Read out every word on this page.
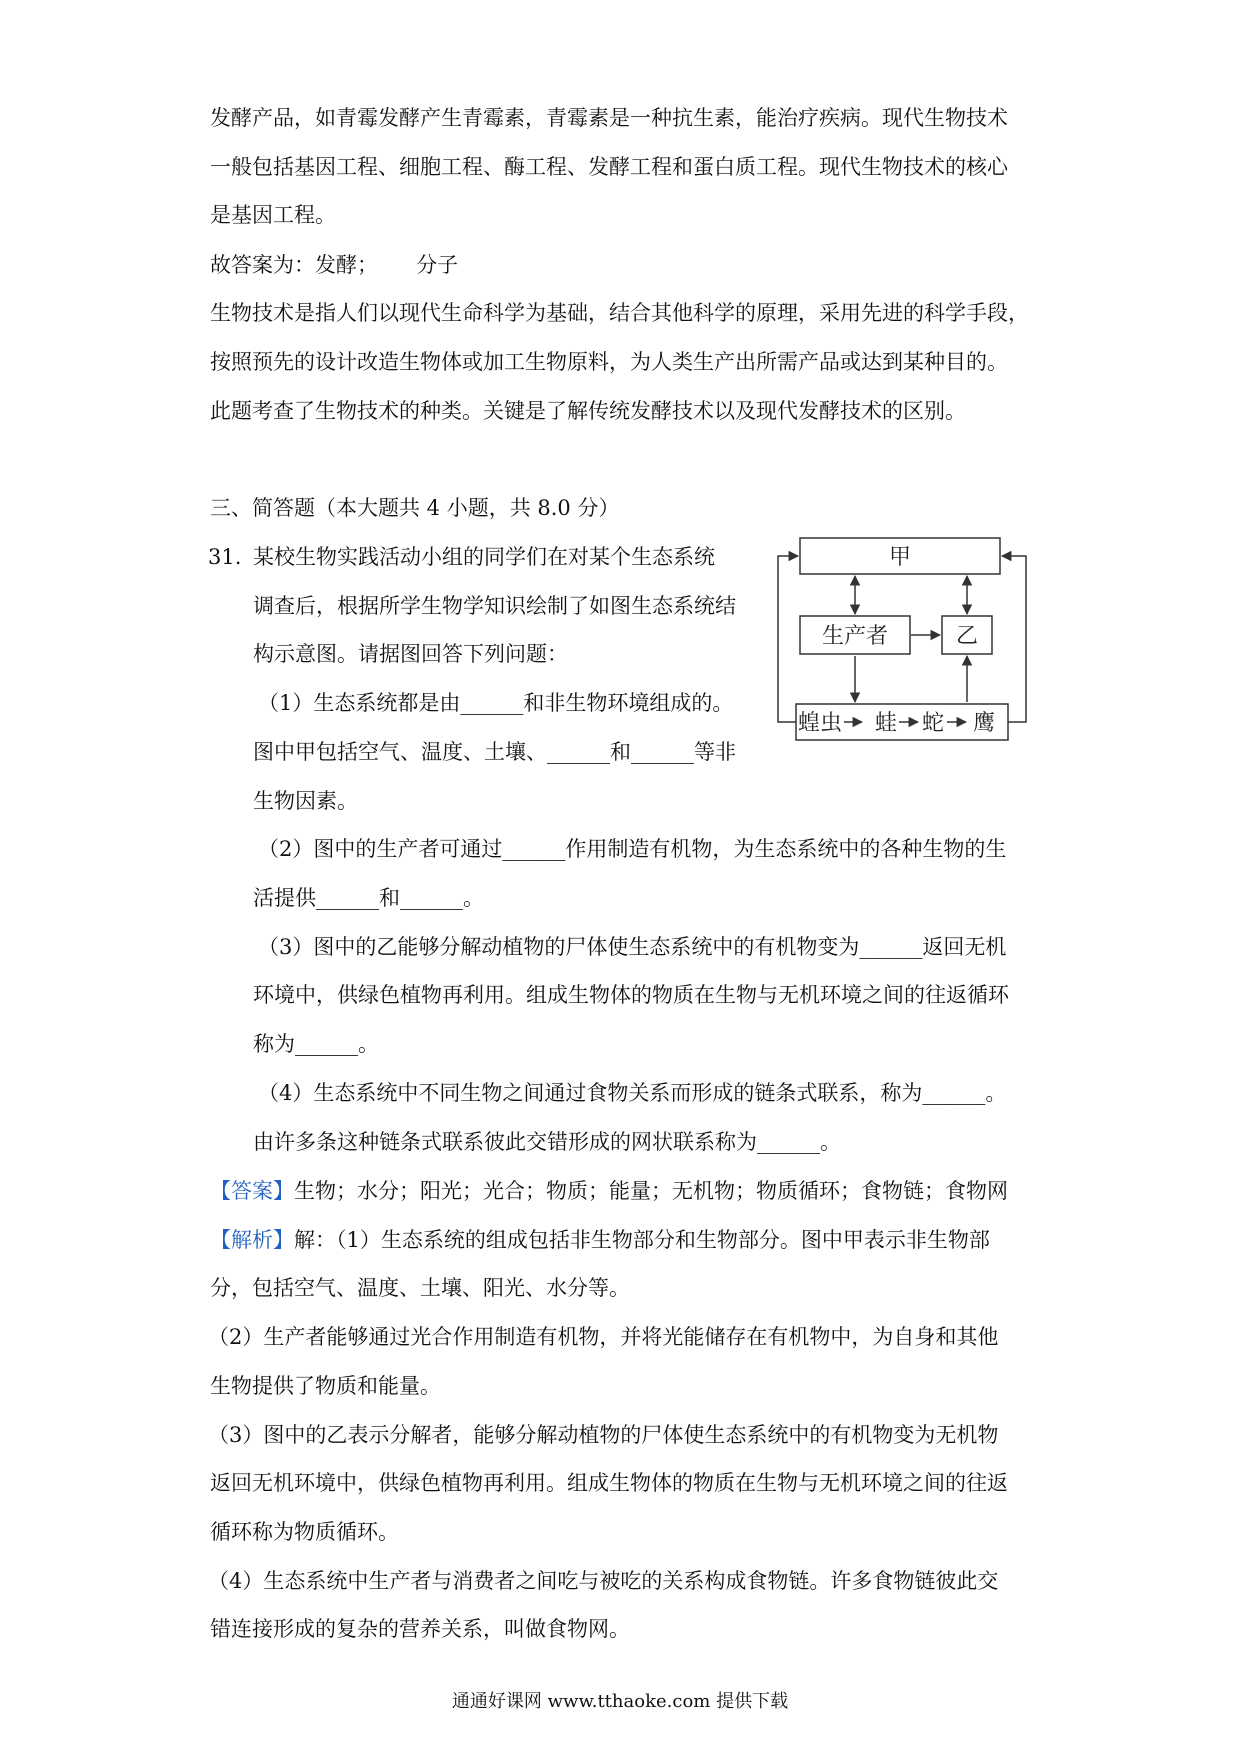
发酵产品，如青霉发酵产生青霉素，青霉素是一种抗生素，能治疗疾病。现代生物技术
一般包括基因工程、细胞工程、酶工程、发酵工程和蛋白质工程。现代生物技术的核心
是基因工程。
故答案为：发酵；　　 分子
生物技术是指人们以现代生命科学为基础，结合其他科学的原理，采用先进的科学手段，
按照预先的设计改造生物体或加工生物原料，为人类生产出所需产品或达到某种目的。
此题考查了生物技术的种类。关键是了解传统发酵技术以及现代发酵技术的区别。
三、简答题（本大题共 4 小题，共 8.0 分）
31. 某校生物实践活动小组的同学们在对某个生态系统
调查后，根据所学生物学知识绘制了如图生态系统结
构示意图。请据图回答下列问题：
（1）生态系统都是由______和非生物环境组成的。
图中甲包括空气、温度、土壤、______和______等非
生物因素。
（2）图中的生产者可通过______作用制造有机物，为生态系统中的各种生物的生
活提供______和______。
（3）图中的乙能够分解动植物的尸体使生态系统中的有机物变为______返回无机
环境中，供绿色植物再利用。组成生物体的物质在生物与无机环境之间的往返循环
称为______。
（4）生态系统中不同生物之间通过食物关系而形成的链条式联系，称为______。
由许多条这种链条式联系彼此交错形成的网状联系称为______。
甲
生产者	乙
蝗虫 蛙 蛇 鹰
【答案】生物；水分；阳光；光合；物质；能量；无机物；物质循环；食物链；食物网
【解析】解：（1）生态系统的组成包括非生物部分和生物部分。图中甲表示非生物部
分，包括空气、温度、土壤、阳光、水分等。
（2）生产者能够通过光合作用制造有机物，并将光能储存在有机物中，为自身和其他
生物提供了物质和能量。
（3）图中的乙表示分解者，能够分解动植物的尸体使生态系统中的有机物变为无机物
返回无机环境中，供绿色植物再利用。组成生物体的物质在生物与无机环境之间的往返
循环称为物质循环。
（4）生态系统中生产者与消费者之间吃与被吃的关系构成食物链。许多食物链彼此交
错连接形成的复杂的营养关系，叫做食物网。
通通好课网 www.tthaoke.com 提供下载
